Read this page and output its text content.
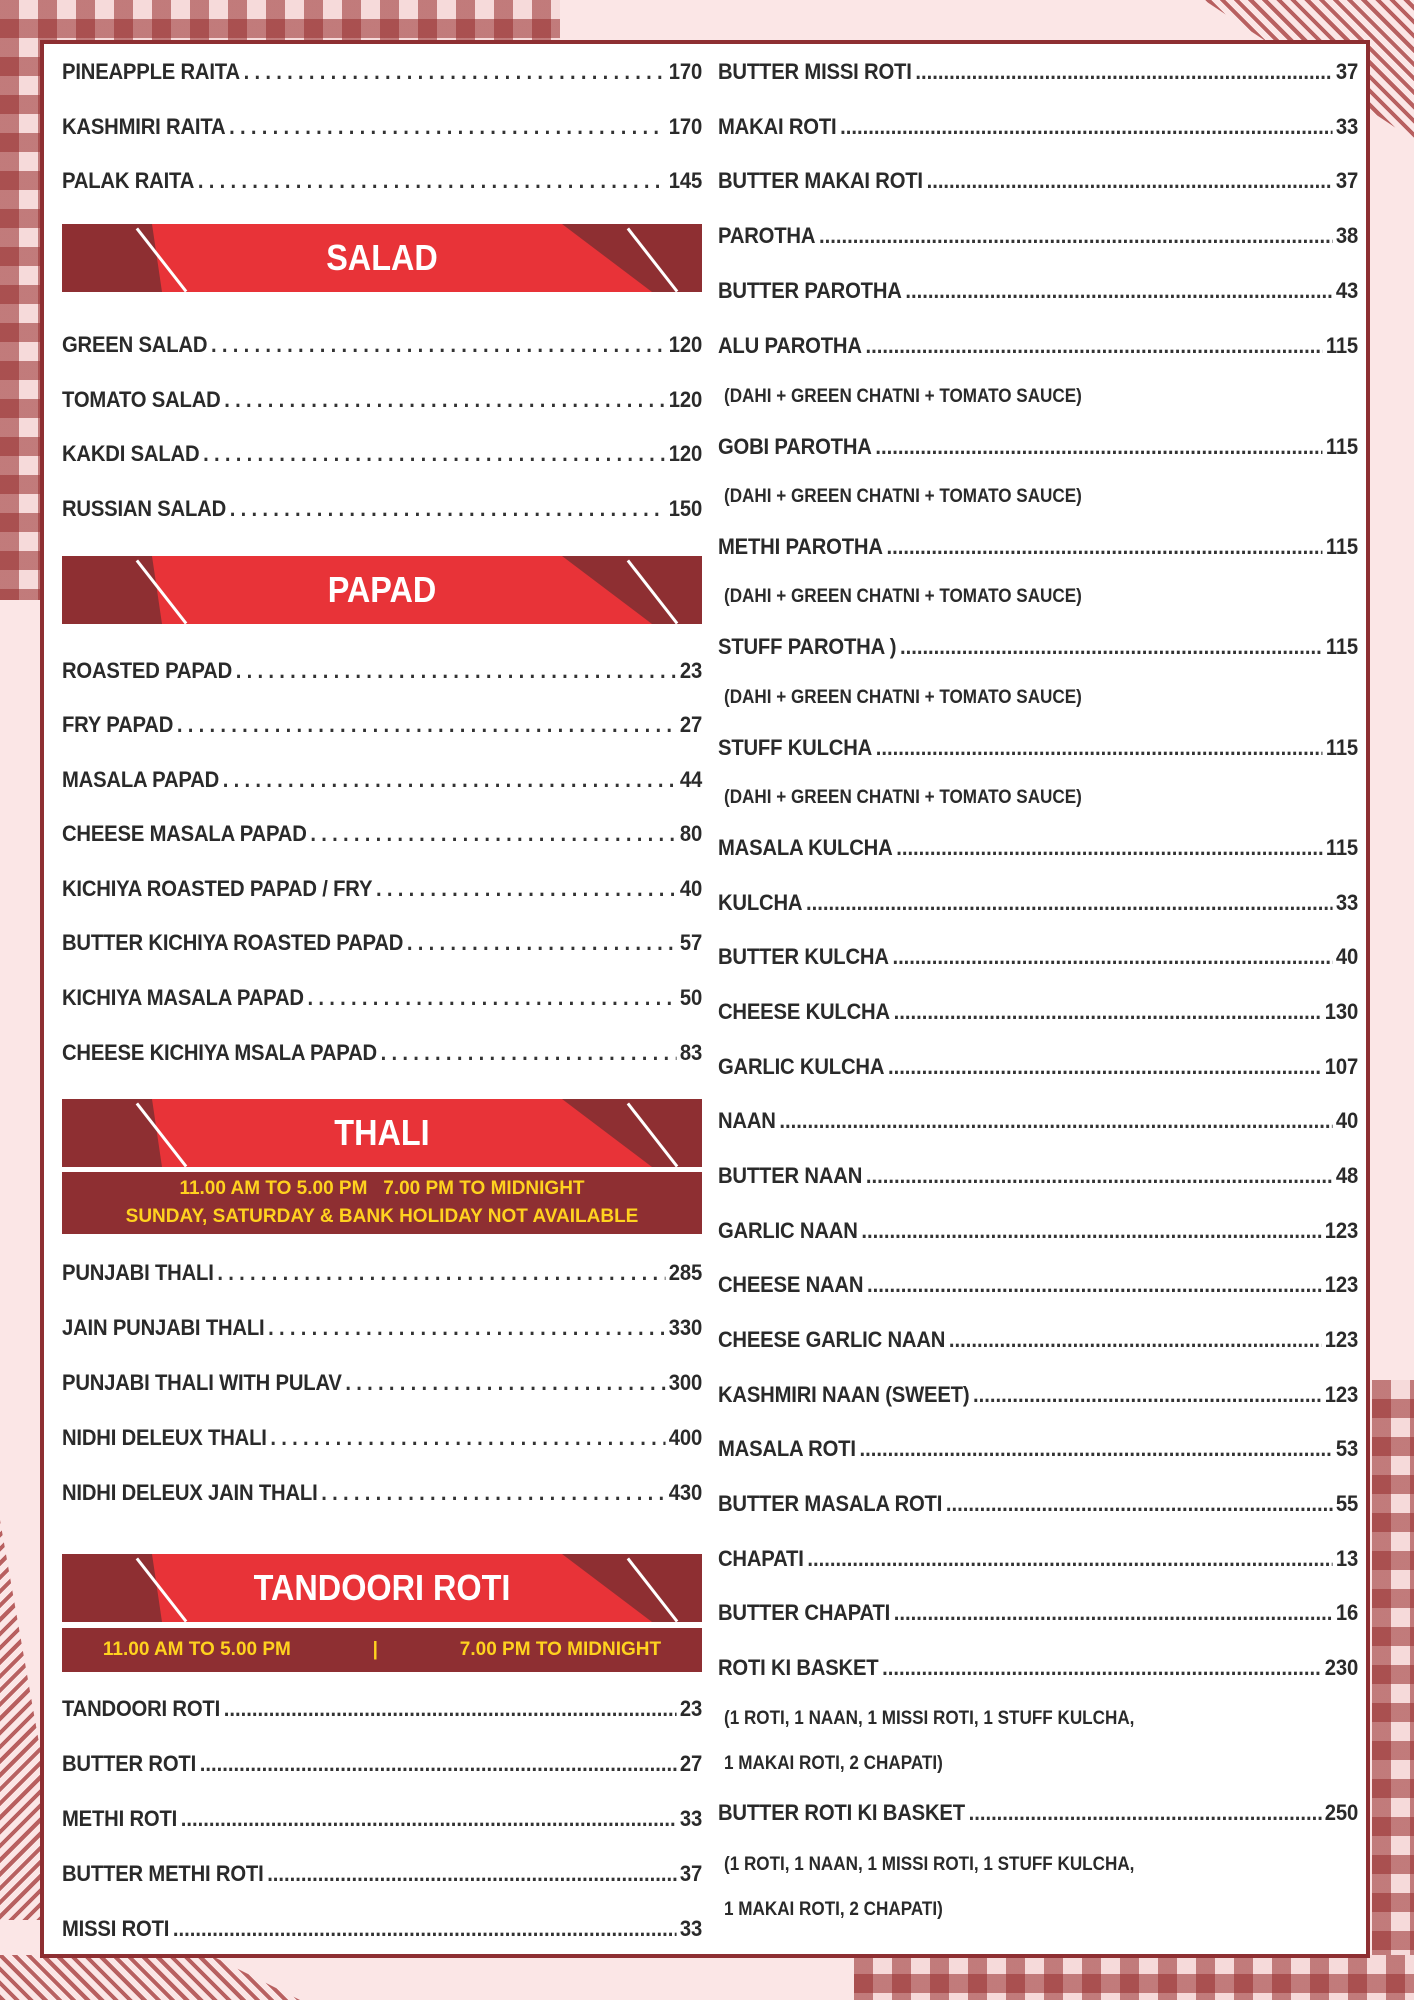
PINEAPPLE RAITA . . .	170
KASHMIRI RAITA . . .	170
PALAK RAITA . . .	145
SALAD
GREEN SALAD . . .	120
TOMATO SALAD . . .	120
KAKDI SALAD . . .	120
RUSSIAN SALAD . . .	150
PAPAD
ROASTED PAPAD . . .	23
FRY PAPAD . . .	27
MASALA PAPAD . . .	44
CHEESE MASALA PAPAD . . .	80
KICHIYA ROASTED PAPAD / FRY . . .	40
BUTTER KICHIYA ROASTED PAPAD . . .	57
KICHIYA MASALA PAPAD . . .	50
CHEESE KICHIYA MSALA PAPAD . . .	83
THALI
11.00 AM TO 5.00 PM   7.00 PM TO MIDNIGHT
SUNDAY, SATURDAY & BANK HOLIDAY NOT AVAILABLE
PUNJABI THALI . . .	285
JAIN PUNJABI THALI . . .	330
PUNJABI THALI WITH PULAV . . .	300
NIDHI DELEUX THALI . . .	400
NIDHI DELEUX JAIN THALI . . .	430
TANDOORI ROTI
11.00 AM TO 5.00 PM	|	7.00 PM TO MIDNIGHT
TANDOORI ROTI .....	23
BUTTER ROTI .....	27
METHI ROTI .....	33
BUTTER METHI ROTI .....	37
MISSI ROTI .....	33
BUTTER MISSI ROTI .....	37
MAKAI ROTI .....	33
BUTTER MAKAI ROTI .....	37
PAROTHA .....	38
BUTTER PAROTHA .....	43
ALU PAROTHA .....	115
(DAHI + GREEN CHATNI + TOMATO SAUCE)
GOBI PAROTHA .....	115
(DAHI + GREEN CHATNI + TOMATO SAUCE)
METHI PAROTHA .....	115
(DAHI + GREEN CHATNI + TOMATO SAUCE)
STUFF PAROTHA ) .....	115
(DAHI + GREEN CHATNI + TOMATO SAUCE)
STUFF KULCHA .....	115
(DAHI + GREEN CHATNI + TOMATO SAUCE)
MASALA KULCHA .....	115
KULCHA .....	33
BUTTER KULCHA .....	40
CHEESE KULCHA .....	130
GARLIC KULCHA .....	107
NAAN .....	40
BUTTER NAAN .....	48
GARLIC NAAN .....	123
CHEESE NAAN .....	123
CHEESE GARLIC NAAN .....	123
KASHMIRI NAAN (SWEET) .....	123
MASALA ROTI .....	53
BUTTER MASALA ROTI .....	55
CHAPATI .....	13
BUTTER CHAPATI .....	16
ROTI KI BASKET .....	230
(1 ROTI, 1 NAAN, 1 MISSI ROTI, 1 STUFF KULCHA,
1 MAKAI ROTI, 2 CHAPATI)
BUTTER ROTI KI BASKET .....	250
(1 ROTI, 1 NAAN, 1 MISSI ROTI, 1 STUFF KULCHA,
1 MAKAI ROTI, 2 CHAPATI)
